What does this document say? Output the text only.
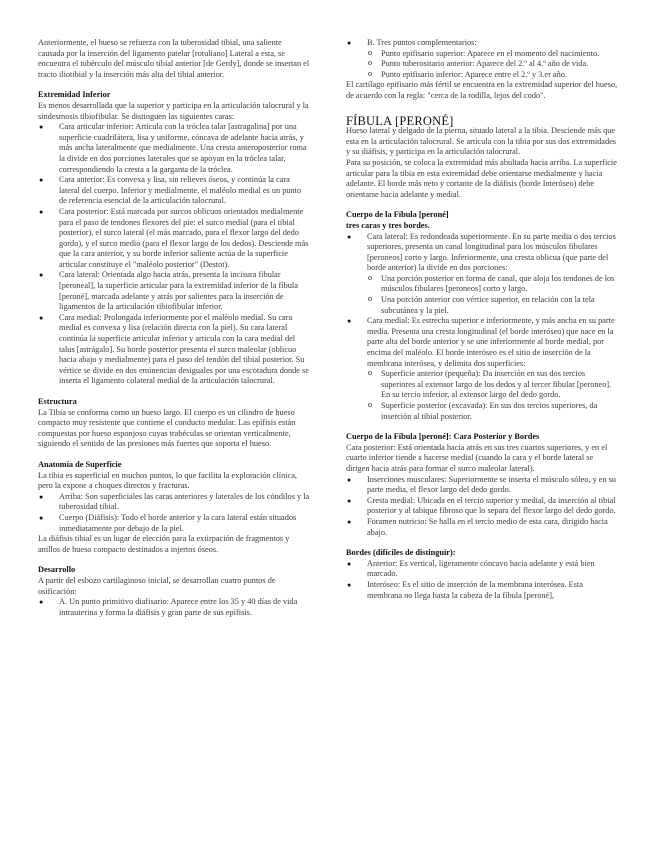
Anteriormente, el hueso se refuerza con la tuberosidad tibial, una saliente causada por la inserción del ligamento patelar [rotuliano] Lateral a esta, se encuentra el tubérculo del músculo tibial anterior [de Gerdy], donde se insertan el tracto iliotibial y la inserción más alta del tibial anterior.

Extremidad Inferior

Es menos desarrollada que la superior y participa en la articulación talocrural y la sindesmosis tibiofibular. Se distinguen las siguientes caras:

● Cara articular inferior: Articula con la tróclea talar [astragalina] por una superficie cuadrilátera, lisa y uniforme, cóncava de adelante hacia atrás, y más ancha lateralmente que medialmente. Una cresta anteroposterior roma la divide en dos porciones laterales que se apoyan en la tróclea talar, correspondiendo la cresta a la garganta de la tróclea.
● Cara anterior: Es convexa y lisa, sin relieves óseos, y continúa la cara lateral del cuerpo. Inferior y medialmente, el maléolo medial es un punto de referencia esencial de la articulación talocrural.
● Cara posterior: Está marcada por surcos oblicuos orientados medialmente para el paso de tendones flexores del pie: el surco medial (para el tibial posterior), el surco lateral (el más marcado, para el flexor largo del dedo gordo), y el surco medio (para el flexor largo de los dedos). Desciende más que la cara anterior, y su borde inferior saliente actúa de la superficie articular constituye el "maléolo posterior" (Destot).
● Cara lateral: Orientada algo hacia atrás, presenta la incisura fibular [peroneal], la superficie articular para la extremidad inferior de la fíbula [peroné], marcada adelante y atrás por salientes para la inserción de ligamentos de la articulación tibiofibular inferior.
● Cara medial: Prolongada inferiormente por el maléolo medial. Su cara medial es convexa y lisa (relación directa con la piel). Su cara lateral continúa la superficie articular inferior y articula con la cara medial del talus [astrágalo]. Su borde posterior presenta el surco maleolar (oblicuo hacia abajo y medialmente) para el paso del tendón del tibial posterior. Su vértice se divide en dos eminencias desiguales por una escotadura donde se inserta el ligamento colateral medial de la articulación talocrural.

Estructura

La Tibia se conforma como un hueso largo. El cuerpo es un cilindro de hueso compacto muy resistente que contiene el conducto medular. Las epífisis están compuestas por hueso esponjoso cuyas trabéculas se orientan verticalmente, siguiendo el sentido de las presiones más fuertes que soporta el hueso.

Anatomía de Superficie

La tibia es superficial en muchos puntos, lo que facilita la exploración clínica, pero la expone a choques directos y fracturas.

● Arriba: Son superficiales las caras anteriores y laterales de los cóndilos y la tuberosidad tibial.
● Cuerpo (Diáfisis): Todo el borde anterior y la cara lateral están situados inmediatamente por debajo de la piel.

La diáfisis tibial es un lugar de elección para la extirpación de fragmentos y anillos de hueso compacto destinados a injertos óseos.

Desarrollo

A partir del esbozo cartilaginoso inicial, se desarrollan cuatro puntos de osificación:

● A. Un punto primitivo diafisario: Aparece entre los 35 y 40 días de vida intrauterina y forma la diáfisis y gran parte de sus epífisis.
● B. Tres puntos complementarios:
o Punto epifisario superior: Aparece en el momento del nacimiento.
o Punto tuberositario anterior: Aparece del 2.º al 4.º año de vida.
o Punto epifisario inferior: Aparece entre el 2.º y 3.er año.

El cartílago epifisario más fértil se encuentra en la extremidad superior del hueso, de acuerdo con la regla: "cerca de la rodilla, lejos del codo".

FÍBULA [PERONÉ]

Hueso lateral y delgado de la pierna, situado lateral a la tibia. Desciende más que esta en la articulación talocrural. Se articula con la tibia por sus dos extremidades y su diáfisis, y participa en la articulación talocrural.

Para su posición, se coloca la extremidad más abultada hacia arriba. La superficie articular para la tibia en esta extremidad debe orientarse medialmente y hacia adelante. El borde más neto y cortante de la diáfisis (borde Interóseo) debe orientarse hacia adelante y medial.

Cuerpo de la Fíbula [peroné]

tres caras y tres bordes.

● Cara lateral: Es redondeada superiormente. En su parte media o dos tercios superiores, presenta un canal longitudinal para los músculos fibulares [peroneos] corto y largo. Inferiormente, una cresta oblicua (que parte del borde anterior) la divide en dos porciones:
o Una porción posterior en forma de canal, que aloja los tendones de los músculos fibulares [peroneos] corto y largo.
o Una porción anterior con vértice superior, en relación con la tela subcutánea y la piel.
● Cara medial: Es estrecha superior e inferiormente, y más ancha en su parte media. Presenta una cresta longitudinal (el borde interóseo) que nace en la parte alta del borde anterior y se une inferiormente al borde medial, por encima del maléolo. El borde interóseo es el sitio de inserción de la membrana interósea, y delimita dos superficies:
o Superficie anterior (pequeña): Da inserción en sus dos tercios superiores al extensor largo de los dedos y al tercer fibular [peroneo]. En su tercio inferior, al extensor largo del dedo gordo.
o Superficie posterior (excavada): En sus dos tercios superiores, da inserción al tibial posterior.

Cuerpo de la Fíbula [peroné]: Cara Posterior y Bordes

Cara posterior: Está orientada hacia atrás en sus tres cuartos superiores, y en el cuarto inferior tiende a hacerse medial (cuando la cara y el borde lateral se dirigen hacia atrás para formar el surco maleolar lateral).

● Inserciones musculares: Superiormente se inserta el músculo sóleo, y en su parte media, el flexor largo del dedo gordo.
● Cresta medial: Ubicada en el tercio superior y medial, da inserción al tibial posterior y al tabique fibroso que lo separa del flexor largo del dedo gordo.
● Foramen nutricio: Se halla en el tercio medio de esta cara, dirigido hacia abajo.

Bordes (difíciles de distinguir):

● Anterior: Es vertical, ligeramente cóncavo hacia adelante y está bien marcado.
● Interóseo: Es el sitio de inserción de la membrana interósea. Esta membrana no llega hasta la cabeza de la fíbula [peroné],
